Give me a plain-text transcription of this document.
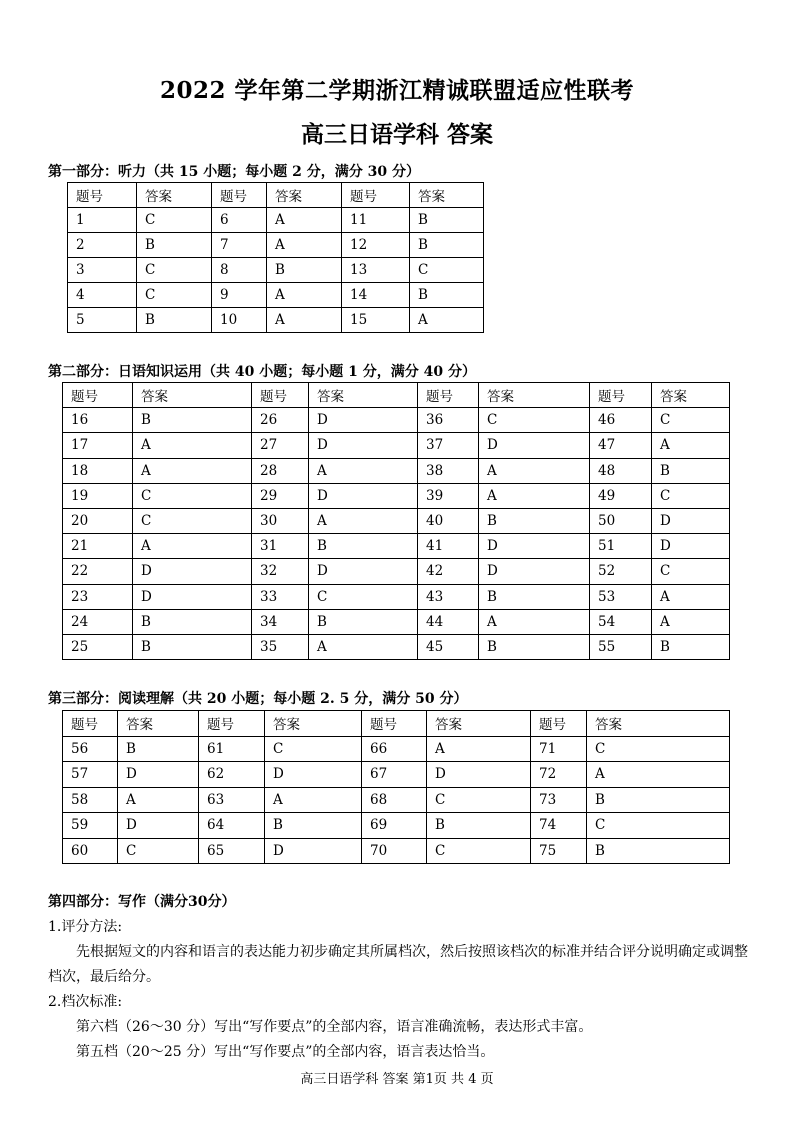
2022 学年第二学期浙江精诚联盟适应性联考
高三日语学科 答案

第一部分：听力（共 15 小题；每小题 2 分，满分 30 分）

题号	答案	题号	答案	题号	答案
1	C	6	A	11	B
2	B	7	A	12	B
3	C	8	B	13	C
4	C	9	A	14	B
5	B	10	A	15	A

第二部分：日语知识运用（共 40 小题；每小题 1 分，满分 40 分）

题号	答案	题号	答案	题号	答案	题号	答案
16	B	26	D	36	C	46	C
17	A	27	D	37	D	47	A
18	A	28	A	38	A	48	B
19	C	29	D	39	A	49	C
20	C	30	A	40	B	50	D
21	A	31	B	41	D	51	D
22	D	32	D	42	D	52	C
23	D	33	C	43	B	53	A
24	B	34	B	44	A	54	A
25	B	35	A	45	B	55	B

第三部分：阅读理解（共 20 小题；每小题 2. 5 分，满分 50 分）

题号	答案	题号	答案	题号	答案	题号	答案
56	B	61	C	66	A	71	C
57	D	62	D	67	D	72	A
58	A	63	A	68	C	73	B
59	D	64	B	69	B	74	C
60	C	65	D	70	C	75	B

第四部分：写作（满分30分）

1.评分方法:

先根据短文的内容和语言的表达能力初步确定其所属档次，然后按照该档次的标准并结合评分说明确定或调整档次，最后给分。

2.档次标准:

第六档（26～30 分）写出“写作要点”的全部内容，语言准确流畅，表达形式丰富。

第五档（20～25 分）写出“写作要点”的全部内容，语言表达恰当。

高三日语学科 答案 第1页 共 4 页
